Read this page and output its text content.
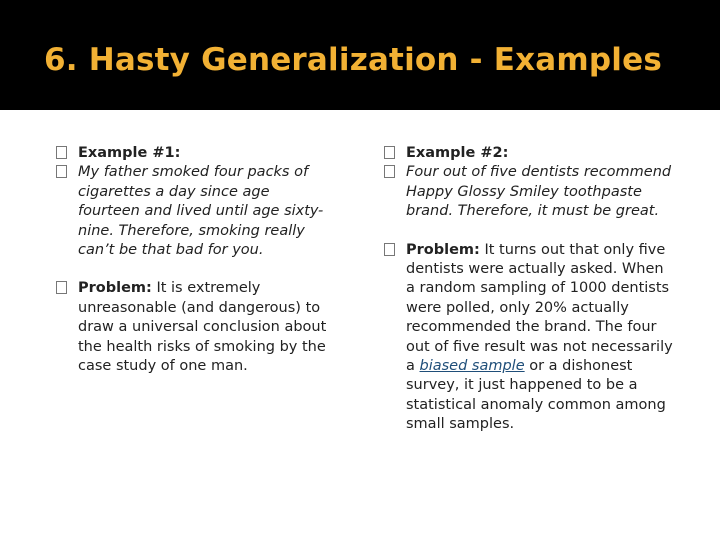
6. Hasty Generalization - Examples

Example #1:

My father smoked four packs of cigarettes a day since age fourteen and lived until age sixty-nine. Therefore, smoking really can’t be that bad for you.

Problem: It is extremely unreasonable (and dangerous) to draw a universal conclusion about the health risks of smoking by the case study of one man.

Example #2:

Four out of five dentists recommend Happy Glossy Smiley toothpaste brand. Therefore, it must be great.

Problem: It turns out that only five dentists were actually asked. When a random sampling of 1000 dentists were polled, only 20% actually recommended the brand. The four out of five result was not necessarily a biased sample or a dishonest survey, it just happened to be a statistical anomaly common among small samples.
